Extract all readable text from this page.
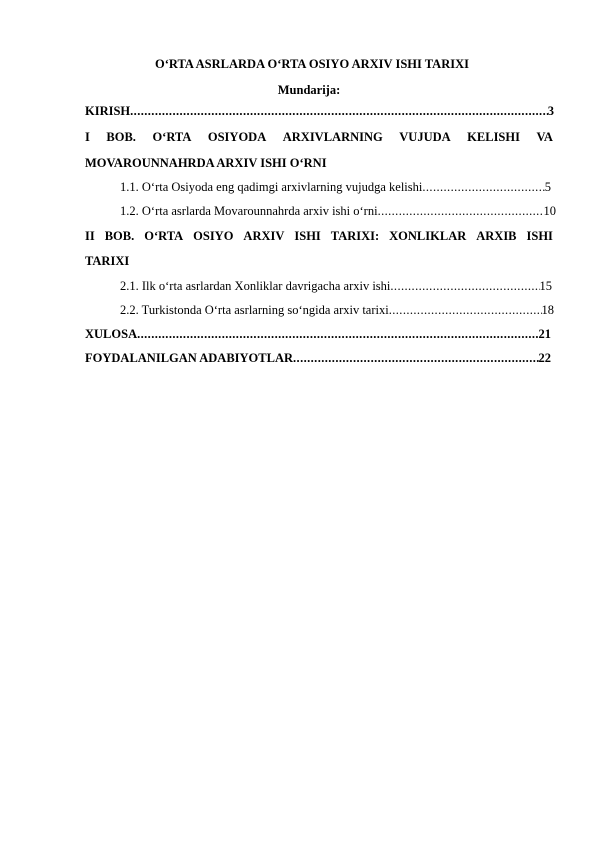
O‘RTA ASRLARDA O‘RTA OSIYO ARXIV ISHI TARIXI
Mundarija:
KIRISH .....	3
I BOB. O‘RTA OSIYODA ARXIVLARNING VUJUDA KELISHI VA
MOVAROUNNAHRDA ARXIV ISHI O‘RNI
1.1. O‘rta Osiyoda eng qadimgi arxivlarning vujudga kelishi .....	5
1.2. O‘rta asrlarda Movarounnahrda arxiv ishi o‘rni .....	10
II BOB. O‘RTA OSIYO ARXIV ISHI TARIXI: XONLIKLAR ARXIB ISHI
TARIXI
2.1. Ilk o‘rta asrlardan Xonliklar davrigacha arxiv ishi .....	15
2.2. Turkistonda O‘rta asrlarning so‘ngida arxiv tarixi .....	18
XULOSA .....	21
FOYDALANILGAN ADABIYOTLAR .....	22
